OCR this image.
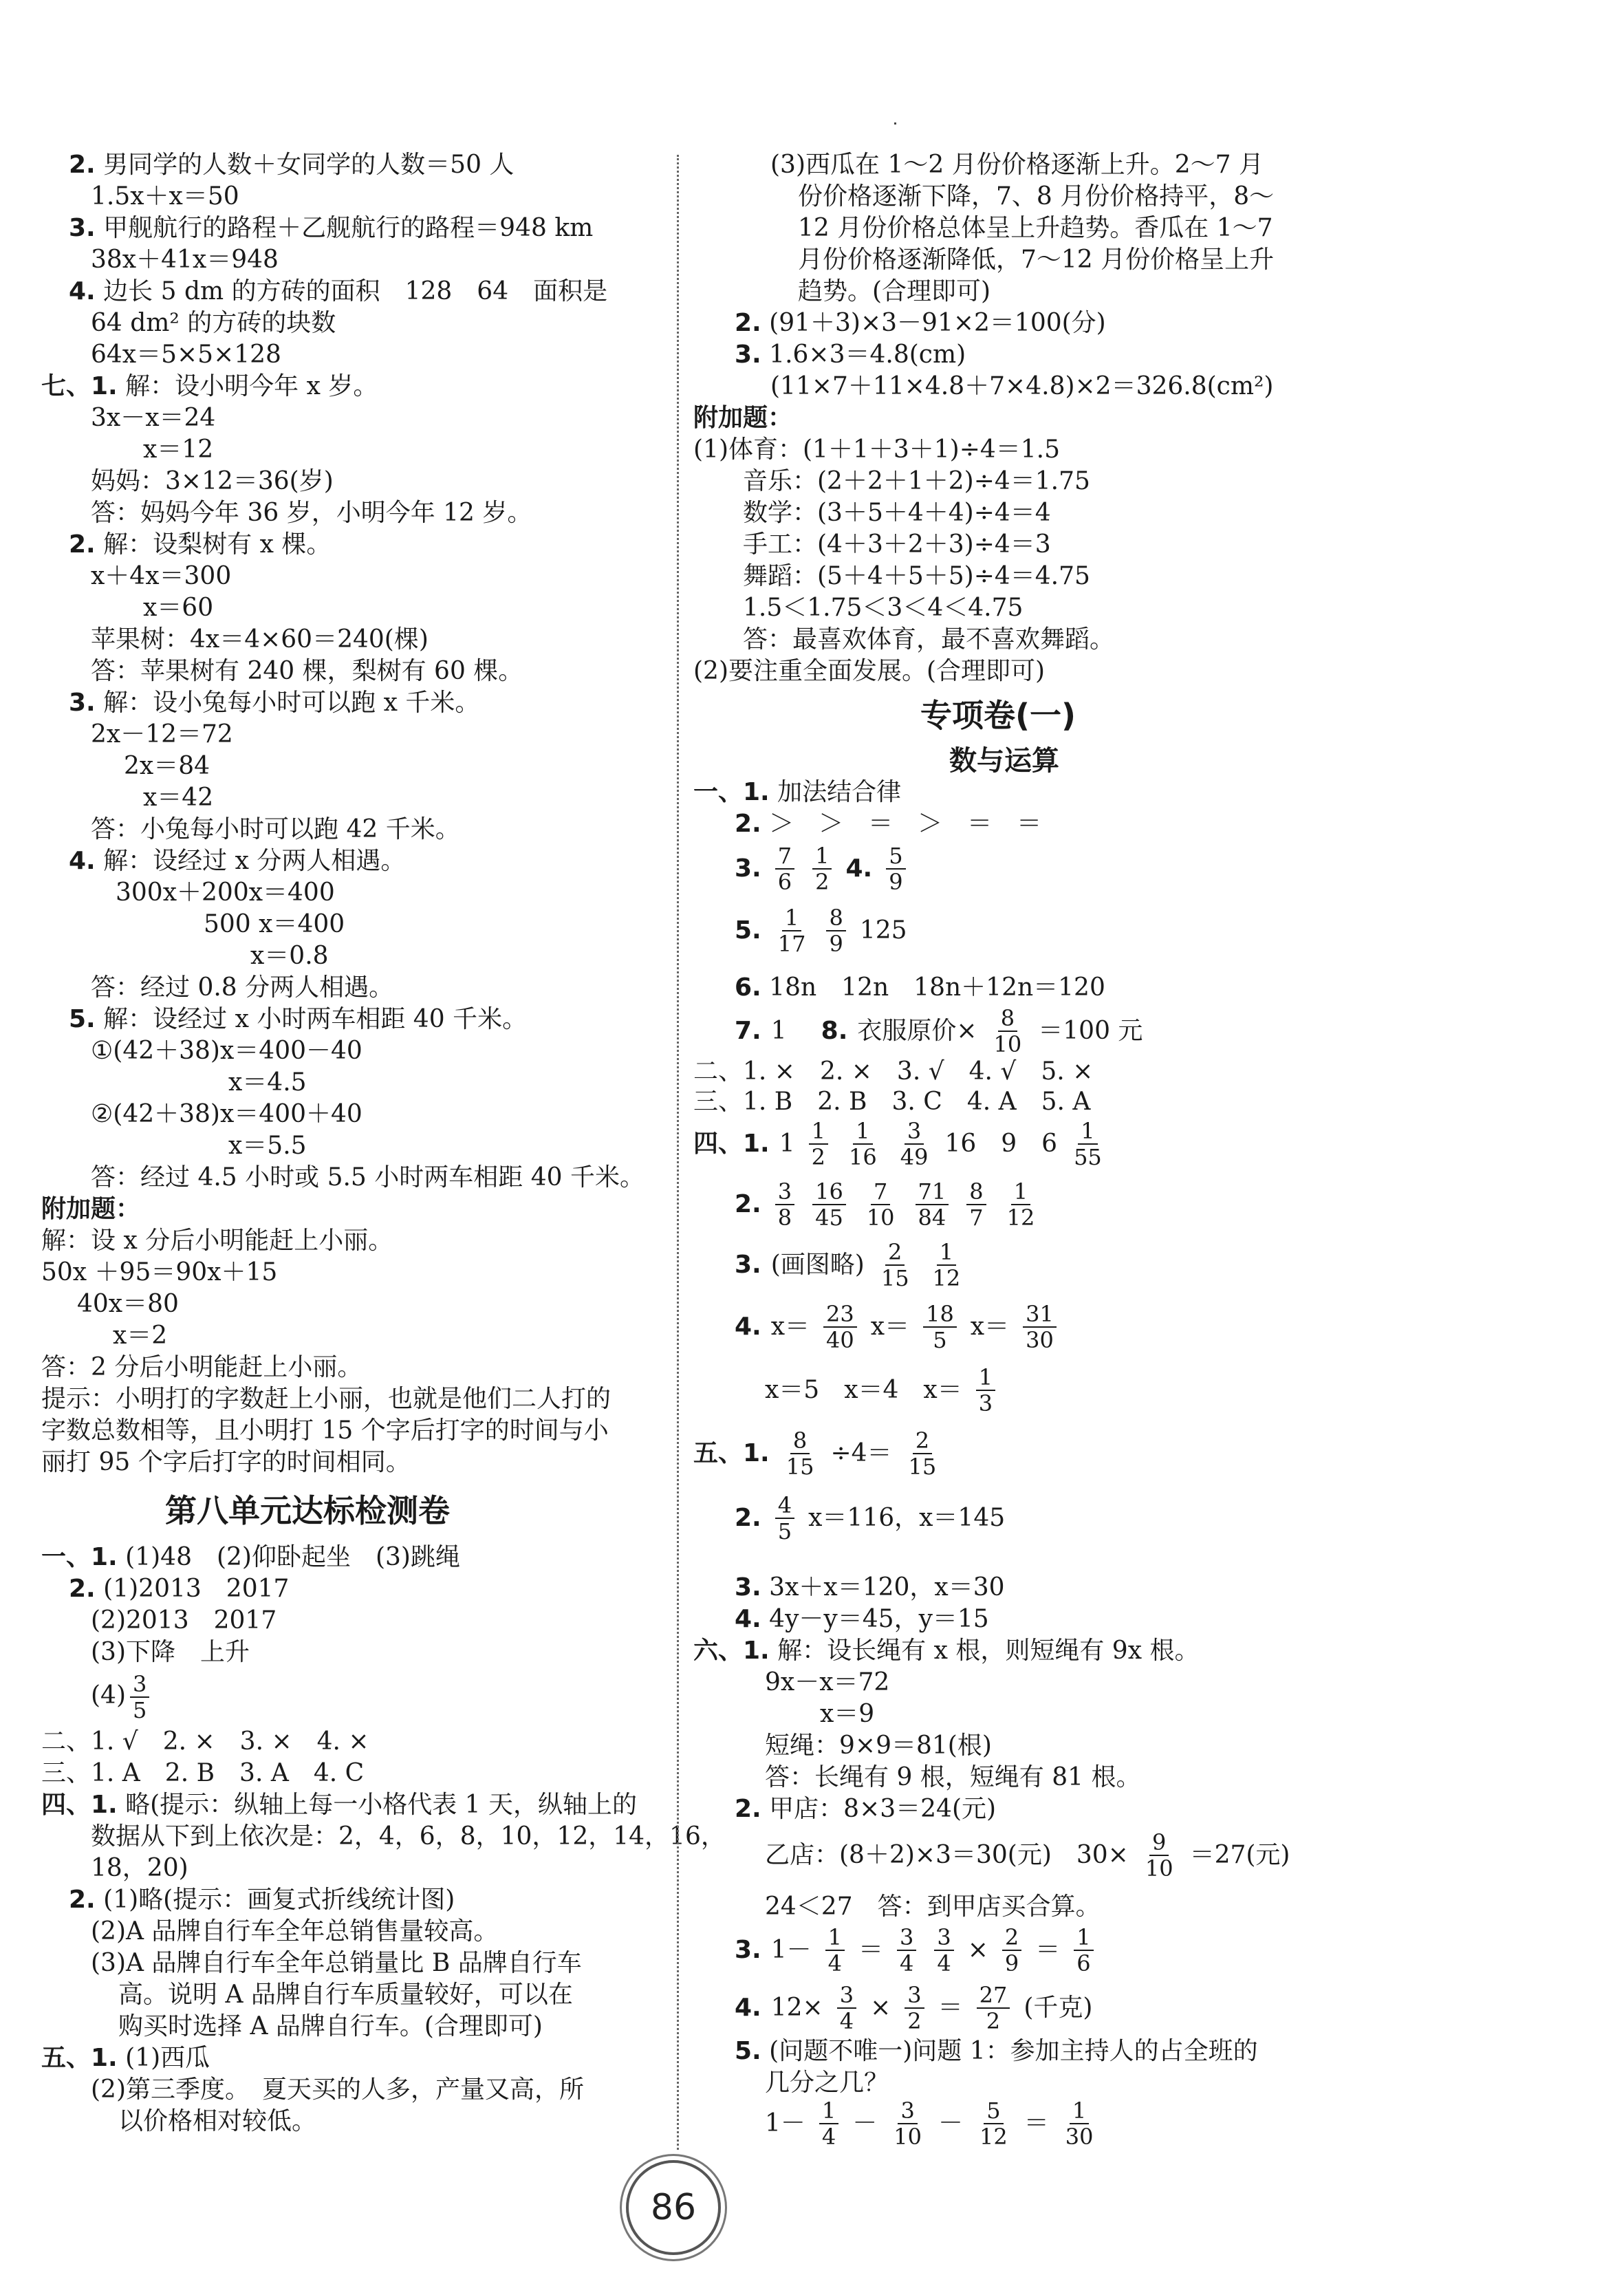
2. 男同学的人数＋女同学的人数＝50 人
1.5x＋x＝50
3. 甲舰航行的路程＋乙舰航行的路程＝948 km
38x＋41x＝948
4. 边长 5 dm 的方砖的面积　128　64　面积是
64 dm² 的方砖的块数
64x＝5×5×128
七、1. 解：设小明今年 x 岁。
3x－x＝24
x＝12
妈妈：3×12＝36(岁)
答：妈妈今年 36 岁，小明今年 12 岁。
2. 解：设梨树有 x 棵。
x＋4x＝300
x＝60
苹果树：4x＝4×60＝240(棵)
答：苹果树有 240 棵，梨树有 60 棵。
3. 解：设小兔每小时可以跑 x 千米。
2x－12＝72
2x＝84
x＝42
答：小兔每小时可以跑 42 千米。
4. 解：设经过 x 分两人相遇。
300x＋200x＝400
500 x＝400
x＝0.8
答：经过 0.8 分两人相遇。
5. 解：设经过 x 小时两车相距 40 千米。
①(42＋38)x＝400－40
x＝4.5
②(42＋38)x＝400＋40
x＝5.5
答：经过 4.5 小时或 5.5 小时两车相距 40 千米。
附加题：
解：设 x 分后小明能赶上小丽。
50x ＋95＝90x＋15
40x＝80
x＝2
答：2 分后小明能赶上小丽。
提示：小明打的字数赶上小丽，也就是他们二人打的
字数总数相等，且小明打 15 个字后打字的时间与小
丽打 95 个字后打字的时间相同。
一、1. (1)48　(2)仰卧起坐　(3)跳绳
2. (1)2013　2017
(2)2013　2017
(3)下降　上升
二、1. √　2. ×　3. ×　4. ×
三、1. A　2. B　3. A　4. C
四、1. 略(提示：纵轴上每一小格代表 1 天，纵轴上的
数据从下到上依次是：2，4，6，8，10，12，14，16，
18，20)
2. (1)略(提示：画复式折线统计图)
(2)A 品牌自行车全年总销售量较高。
(3)A 品牌自行车全年总销量比 B 品牌自行车
高。说明 A 品牌自行车质量较好，可以在
购买时选择 A 品牌自行车。(合理即可)
五、1. (1)西瓜
(2)第三季度。　夏天买的人多，产量又高，所
以价格相对较低。
第八单元达标检测卷
$(4) \frac{3}{5}$
(3)西瓜在 1～2 月份价格逐渐上升。2～7 月
份价格逐渐下降，7、8 月份价格持平，8～
12 月份价格总体呈上升趋势。香瓜在 1～7
月份价格逐渐降低，7～12 月份价格呈上升
趋势。(合理即可)
2. (91＋3)×3－91×2＝100(分)
3. 1.6×3＝4.8(cm)
(11×7＋11×4.8＋7×4.8)×2＝326.8(cm²)
附加题：
(1)体育：(1＋1＋3＋1)÷4＝1.5
音乐：(2＋2＋1＋2)÷4＝1.75
数学：(3＋5＋4＋4)÷4＝4
手工：(4＋3＋2＋3)÷4＝3
舞蹈：(5＋4＋5＋5)÷4＝4.75
1.5＜1.75＜3＜4＜4.75
答：最喜欢体育，最不喜欢舞蹈。
(2)要注重全面发展。(合理即可)
一、1. 加法结合律
2. ＞　＞　＝　＞　＝　＝
6. 18n　12n　18n＋12n＝120
二、1. ×　2. ×　3. √　4. √　5. ×
三、1. B　2. B　3. C　4. A　5. A
3. 3x＋x＝120，x＝30
4. 4y－y＝45，y＝15
六、1. 解：设长绳有 x 根，则短绳有 9x 根。
9x－x＝72
x＝9
短绳：9×9＝81(根)
答：长绳有 9 根，短绳有 81 根。
2. 甲店：8×3＝24(元)
24＜27　答：到甲店买合算。
5. (问题不唯一)问题 1：参加主持人的占全班的
几分之几？
专项卷(一)
数与运算
3. 7
6
1
2 4. 5
9
5. 1
17
8
9 125
7. 1　 8. 衣服原价× $\frac{8}{10} =100$ 元
四、1. 1 1
2
1
16
3
49 16　9　6 1
55
2. 3
8
16
45
7
10
71
84
8
7
1
12
3. (画图略) 2
15
1
12
4. x＝ 23
40 x＝ 18
5 x＝ 31
30
x＝5　x＝4　x＝ 1
3
五、1. $\frac{8}{15} \div 4= 2$
15
2. 4
5 x＝116，x＝145
乙店：(8＋2)×3＝30(元)　$30\times \frac{9}{10} =27$(元)
3. 1－ 1
4 ＝ 3
$4 \frac{3}{4} \times \frac{2}{9} = 1$
6
4. $12\times \frac{3}{4} \times \frac{3}{2} = 27$
2 (千克)
1－ 1
4 － 3
10 － 5
12 ＝ 1
30
86
